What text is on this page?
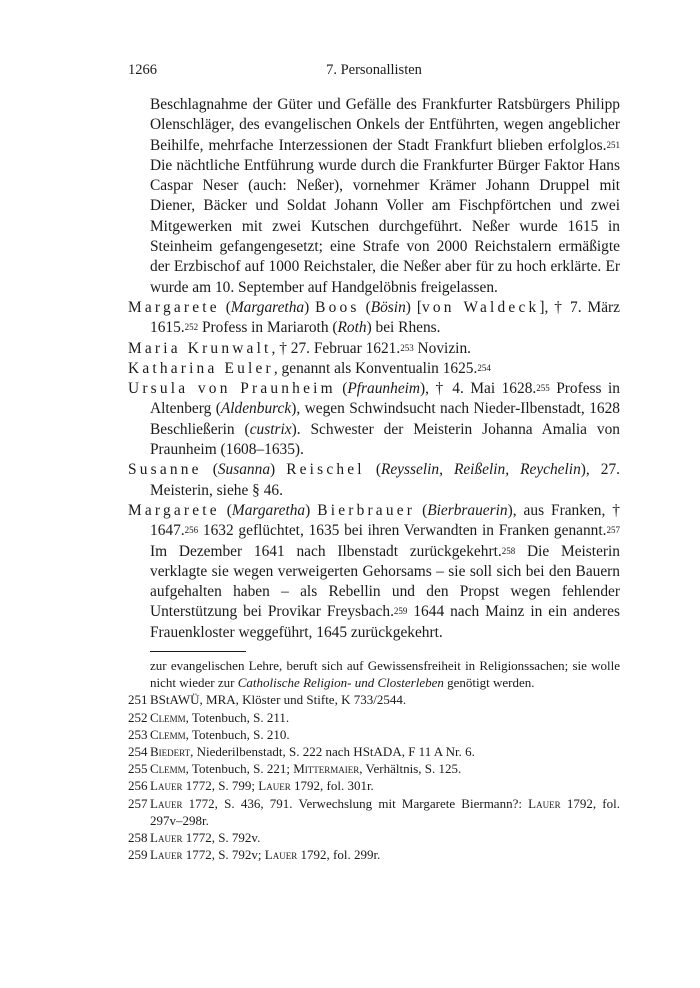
1266	7. Personallisten

Beschlagnahme der Güter und Gefälle des Frankfurter Ratsbürgers Philipp Olenschläger, des evangelischen Onkels der Entführten, wegen angeblicher Beihilfe, mehrfache Interzessionen der Stadt Frankfurt blieben erfolglos.$^{251}$ Die nächtliche Entführung wurde durch die Frankfurter Bürger Faktor Hans Caspar Neser (auch: Neßer), vornehmer Krämer Johann Druppel mit Diener, Bäcker und Soldat Johann Voller am Fischpförtchen und zwei Mitgewerken mit zwei Kutschen durchgeführt. Neßer wurde 1615 in Steinheim gefangengesetzt; eine Strafe von 2000 Reichstalern ermäßigte der Erzbischof auf 1000 Reichstaler, die Neßer aber für zu hoch erklärte. Er wurde am 10. September auf Handgelöbnis freigelassen.

Margarete (Margaretha) Boos (Bösin) [von Waldeck], † 7. März 1615.$^{252}$ Profess in Mariaroth (Roth) bei Rhens.

Maria Krunwalt, † 27. Februar 1621.$^{253}$ Novizin.

Katharina Euler, genannt als Konventualin 1625.$^{254}$

Ursula von Praunheim (Pfraunheim), † 4. Mai 1628.$^{255}$ Profess in Altenberg (Aldenburck), wegen Schwindsucht nach Nieder-Ilbenstadt, 1628 Beschließerin (custrix). Schwester der Meisterin Johanna Amalia von Praunheim (1608–1635).

Susanne (Susanna) Reischel (Reysselin, Reißelin, Reychelin), 27. Meisterin, siehe § 46.

Margarete (Margaretha) Bierbrauer (Bierbrauerin), aus Franken, † 1647.$^{256}$ 1632 geflüchtet, 1635 bei ihren Verwandten in Franken genannt.$^{257}$ Im Dezember 1641 nach Ilbenstadt zurückgekehrt.$^{258}$ Die Meisterin verklagte sie wegen verweigerten Gehorsams – sie soll sich bei den Bauern aufgehalten haben – als Rebellin und den Propst wegen fehlender Unterstützung bei Provikar Freysbach.$^{259}$ 1644 nach Mainz in ein anderes Frauenkloster weggeführt, 1645 zurückgekehrt.

zur evangelischen Lehre, beruft sich auf Gewissensfreiheit in Religionssachen; sie wolle nicht wieder zur Catholische Religion- und Closterleben genötigt werden.
251 BStAWÜ, MRA, Klöster und Stifte, K 733/2544.
252 Clemm, Totenbuch, S. 211.
253 Clemm, Totenbuch, S. 210.
254 Biedert, Niederilbenstadt, S. 222 nach HStADA, F 11 A Nr. 6.
255 Clemm, Totenbuch, S. 221; Mittermaier, Verhältnis, S. 125.
256 Lauer 1772, S. 799; Lauer 1792, fol. 301r.
257 Lauer 1772, S. 436, 791. Verwechslung mit Margarete Biermann?: Lauer 1792, fol. 297v–298r.
258 Lauer 1772, S. 792v.
259 Lauer 1772, S. 792v; Lauer 1792, fol. 299r.
